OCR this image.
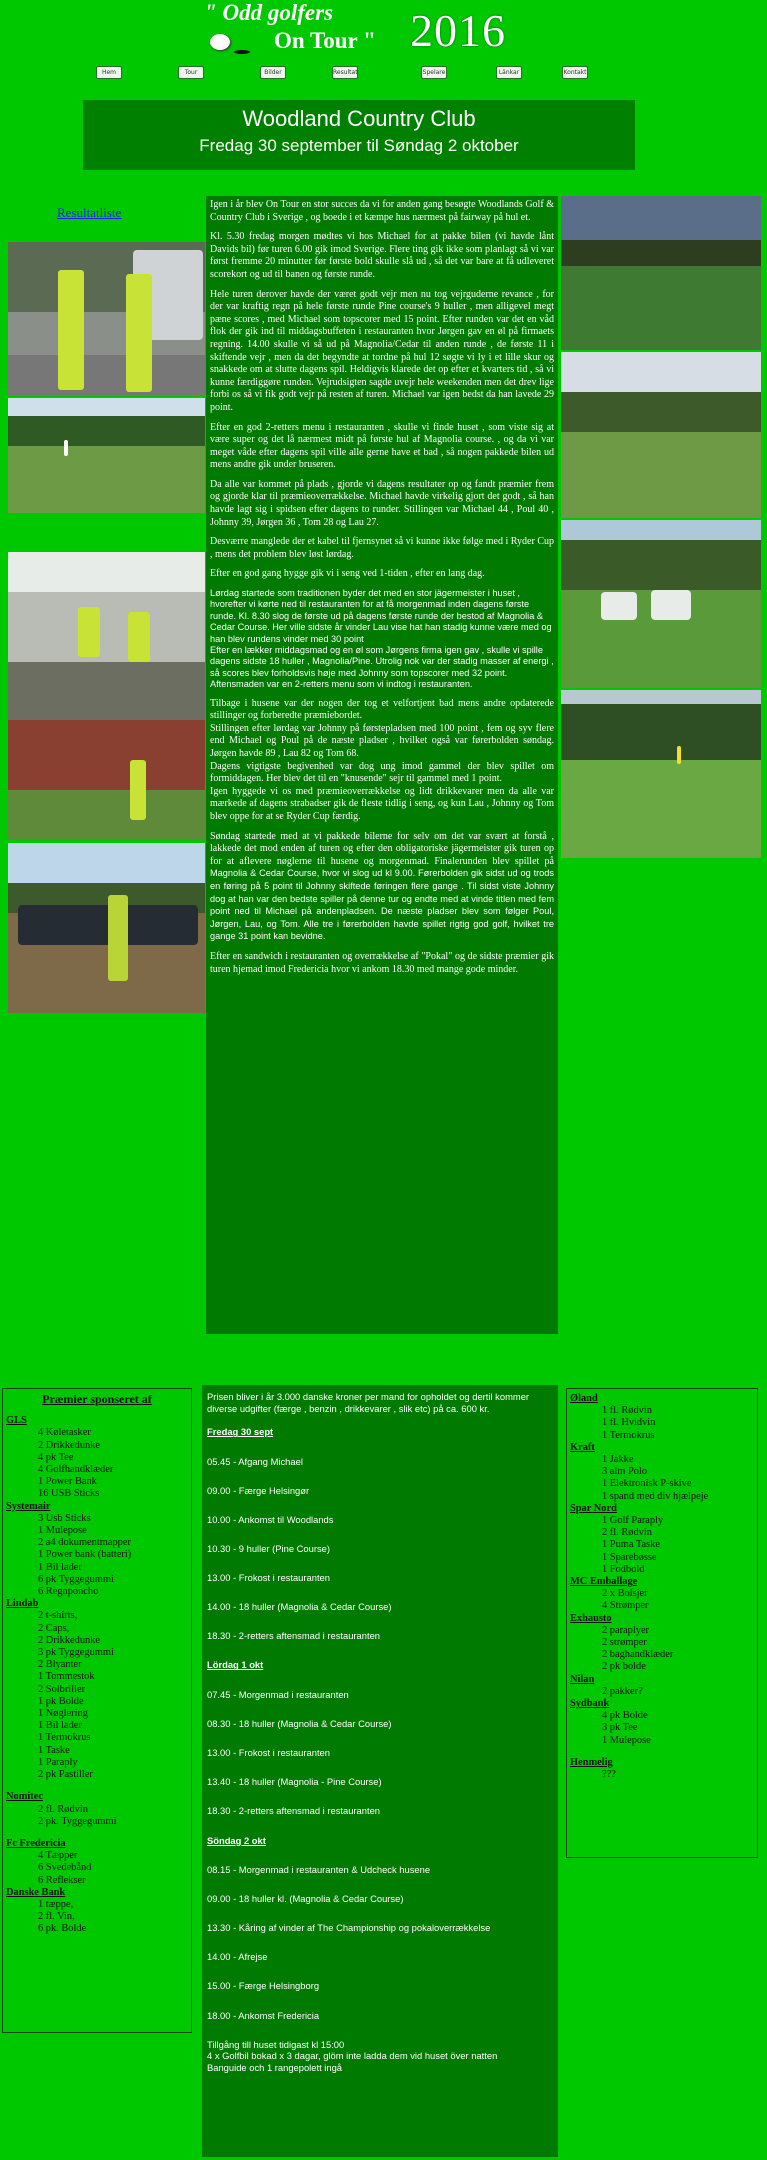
" Odd golfers
On Tour " 2016
Hem	Tour	Bilder	Resultat	Spelare	Länkar	Kontakt
Woodland Country Club
Fredag 30 september til Søndag 2 oktober
Resultatliste

Igen i år blev On Tour en stor succes da vi for anden gang besøgte Woodlands Golf & Country Club i Sverige , og boede i et kæmpe hus nærmest på fairway på hul et.

Kl. 5.30 fredag morgen mødtes vi hos Michael for at pakke bilen (vi havde lånt Davids bil) før turen 6.00 gik imod Sverige. Flere ting gik ikke som planlagt så vi var først fremme 20 minutter før første bold skulle slå ud , så det var bare at få udleveret scorekort og ud til banen og første runde.

Hele turen derover havde der været godt vejr men nu tog vejrguderne revance , for der var kraftig regn på hele første runde Pine course's 9 huller , men alligevel megt pæne scores , med Michael som topscorer med 15 point. Efter runden var det en våd flok der gik ind til middagsbuffeten i restauranten hvor Jørgen gav en øl på firmaets regning. 14.00 skulle vi så ud på Magnolia/Cedar til anden runde , de første 11 i skiftende vejr , men da det begyndte at tordne på hul 12 søgte vi ly i et lille skur og snakkede om at slutte dagens spil. Heldigvis klarede det op efter et kvarters tid , så vi kunne færdiggøre runden. Vejrudsigten sagde uvejr hele weekenden men det drev lige forbi os så vi fik godt vejr på resten af turen. Michael var igen bedst da han lavede 29 point.

Efter en god 2-retters menu i restauranten , skulle vi finde huset , som viste sig at være super og det lå nærmest midt på første hul af Magnolia course. , og da vi var meget våde efter dagens spil ville alle gerne have et bad , så nogen pakkede bilen ud mens andre gik under bruseren.

Da alle var kommet på plads , gjorde vi dagens resultater op og fandt præmier frem og gjorde klar til præmieoverrækkelse. Michael havde virkelig gjort det godt , så han havde lagt sig i spidsen efter dagens to runder. Stillingen var Michael 44 , Poul 40 , Johnny 39, Jørgen 36 , Tom 28 og Lau 27.

Desværre manglede der et kabel til fjernsynet så vi kunne ikke følge med i Ryder Cup , mens det problem blev løst lørdag.

Efter en god gang hygge gik vi i seng ved 1-tiden , efter en lang dag.

Lørdag startede som traditionen byder det med en stor jägermeister i huset , hvorefter vi kørte ned til restauranten for at få morgenmad inden dagens første runde. Kl. 8.30 slog de første ud på dagens første runde der bestod af Magnolia & Cedar Course. Her ville sidste år vinder Lau vise hat han stadig kunne være med og han blev rundens vinder med 30 point
Efter en lækker middagsmad og en øl som Jørgens firma igen gav , skulle vi spille dagens sidste 18 huller , Magnolia/Pine. Utrolig nok var der stadig masser af energi , så scores blev forholdsvis høje med Johnny som topscorer med 32 point.
Aftensmaden var en 2-retters menu som vi indtog i restauranten.

Tilbage i husene var der nogen der tog et velfortjent bad mens andre opdaterede stillinger og forberedte præmiebordet.
Stillingen efter lørdag var Johnny på førstepladsen med 100 point , fem og syv flere end Michael og Poul på de næste pladser , hvilket også var førerbolden søndag. Jørgen havde 89 , Lau 82 og Tom 68.
Dagens vigtigste begivenhed var dog ung imod gammel der blev spillet om formiddagen. Her blev det til en "knusende" sejr til gammel med 1 point.
Igen hyggede vi os med præmieoverrækkelse og lidt drikkevarer men da alle var mærkede af dagens strabadser gik de fleste tidlig i seng, og kun Lau , Johnny og Tom blev oppe for at se Ryder Cup færdig.

Søndag startede med at vi pakkede bilerne for selv om det var svært at forstå , lakkede det mod enden af turen og efter den obligatoriske jägermeister gik turen op for at aflevere nøglerne til husene og morgenmad. Finalerunden blev spillet på Magnolia & Cedar Course, hvor vi slog ud kl 9.00. Førerbolden gik sidst ud og trods en føring på 5 point til Johnny skiftede føringen flere gange . Til sidst viste Johnny dog at han var den bedste spiller på denne tur og endte med at vinde titlen med fem point ned til Michael på andenpladsen. De næste pladser blev som følger Poul, Jørgen, Lau, og Tom. Alle tre i førerbolden havde spillet rigtig god golf, hvilket tre gange 31 point kan bevidne.

Efter en sandwich i restauranten og overrækkelse af "Pokal" og de sidste præmier gik turen hjemad imod Fredericia hvor vi ankom 18.30 med mange gode minder.

Præmier sponseret af
GLS
4 Køletasker
2 Drikkedunke
4 pk Tee
4 Golfhandklæder
1 Power Bank
16 USB Sticks
Systemair
3 Usb Sticks
1 Mulepose
2 a4 dokumentmapper
1 Power bank (batteri)
1 Bil lader
6 pk Tyggegummi
6 Regnponcho
Lindab
2 t-shirts,
2 Caps,
2 Drikkedunke
3 pk Tyggegummi
2 Blyanter
1 Tommestok
2 Solbriller
1 pk Bolde
1 Nøglering
1 Bil lader
1 Termokrus
1 Taske
1 Paraply
2 pk Pastiller
Nomitec
2 fl. Rødvin
2 pk. Tyggegummi
Fc Fredericia
4 Tæpper
6 Svedebånd
6 Reflekser
Danske Bank
1 tæppe,
2 fl. Vin,
6 pk. Bolde

Prisen bliver i år 3.000 danske kroner per mand for opholdet og dertil kommer diverse udgifter (færge , benzin , drikkevarer , slik etc) på ca. 600 kr.

Fredag 30 sept
05.45 - Afgang Michael
09.00 - Færge Helsingør
10.00 - Ankomst til Woodlands
10.30 - 9 huller (Pine Course)
13.00 - Frokost i restauranten
14.00 - 18 huller (Magnolia & Cedar Course)
18.30 - 2-retters aftensmad i restauranten
Lördag 1 okt
07.45 - Morgenmad i restauranten
08.30 - 18 huller (Magnolia & Cedar Course)
13.00 - Frokost i restauranten
13.40 - 18 huller (Magnolia - Pine Course)
18.30 - 2-retters aftensmad i restauranten
Söndag 2 okt
08.15 - Morgenmad i restauranten & Udcheck husene
09.00 - 18 huller kl. (Magnolia & Cedar Course)
13.30 - Kåring af vinder af The Championship og pokaloverrækkelse
14.00 - Afrejse
15.00 - Færge Helsingborg
18.00 - Ankomst Fredericia

Tillgång till huset tidigast kl 15:00

4 x Golfbil bokad x 3 dagar, glöm inte ladda dem vid huset över natten

Banguide och 1 rangepolett ingå

Øland
1 fl. Rødvin
1 fl. Hvidvin
1 Termokrus
Kraft
1 Jakke
3 alm Polo
1 Elektronisk P-skive
1 spand med div hjælpeje
Spar Nord
1 Golf Paraply
2 fl. Rødvin
1 Puma Taske
1 Sparebøsse
1 Fodbold
MC Emballage
2 x Bolsjer
4 Strømper
Exhausto
2 paraplyer
2 strømper
2 baghandklæder
2 pk bolde
Nilan
2 pakker?
Sydbank
4 pk Bolde
3 pk Tee
1 Mulepose
Henmelig
???
